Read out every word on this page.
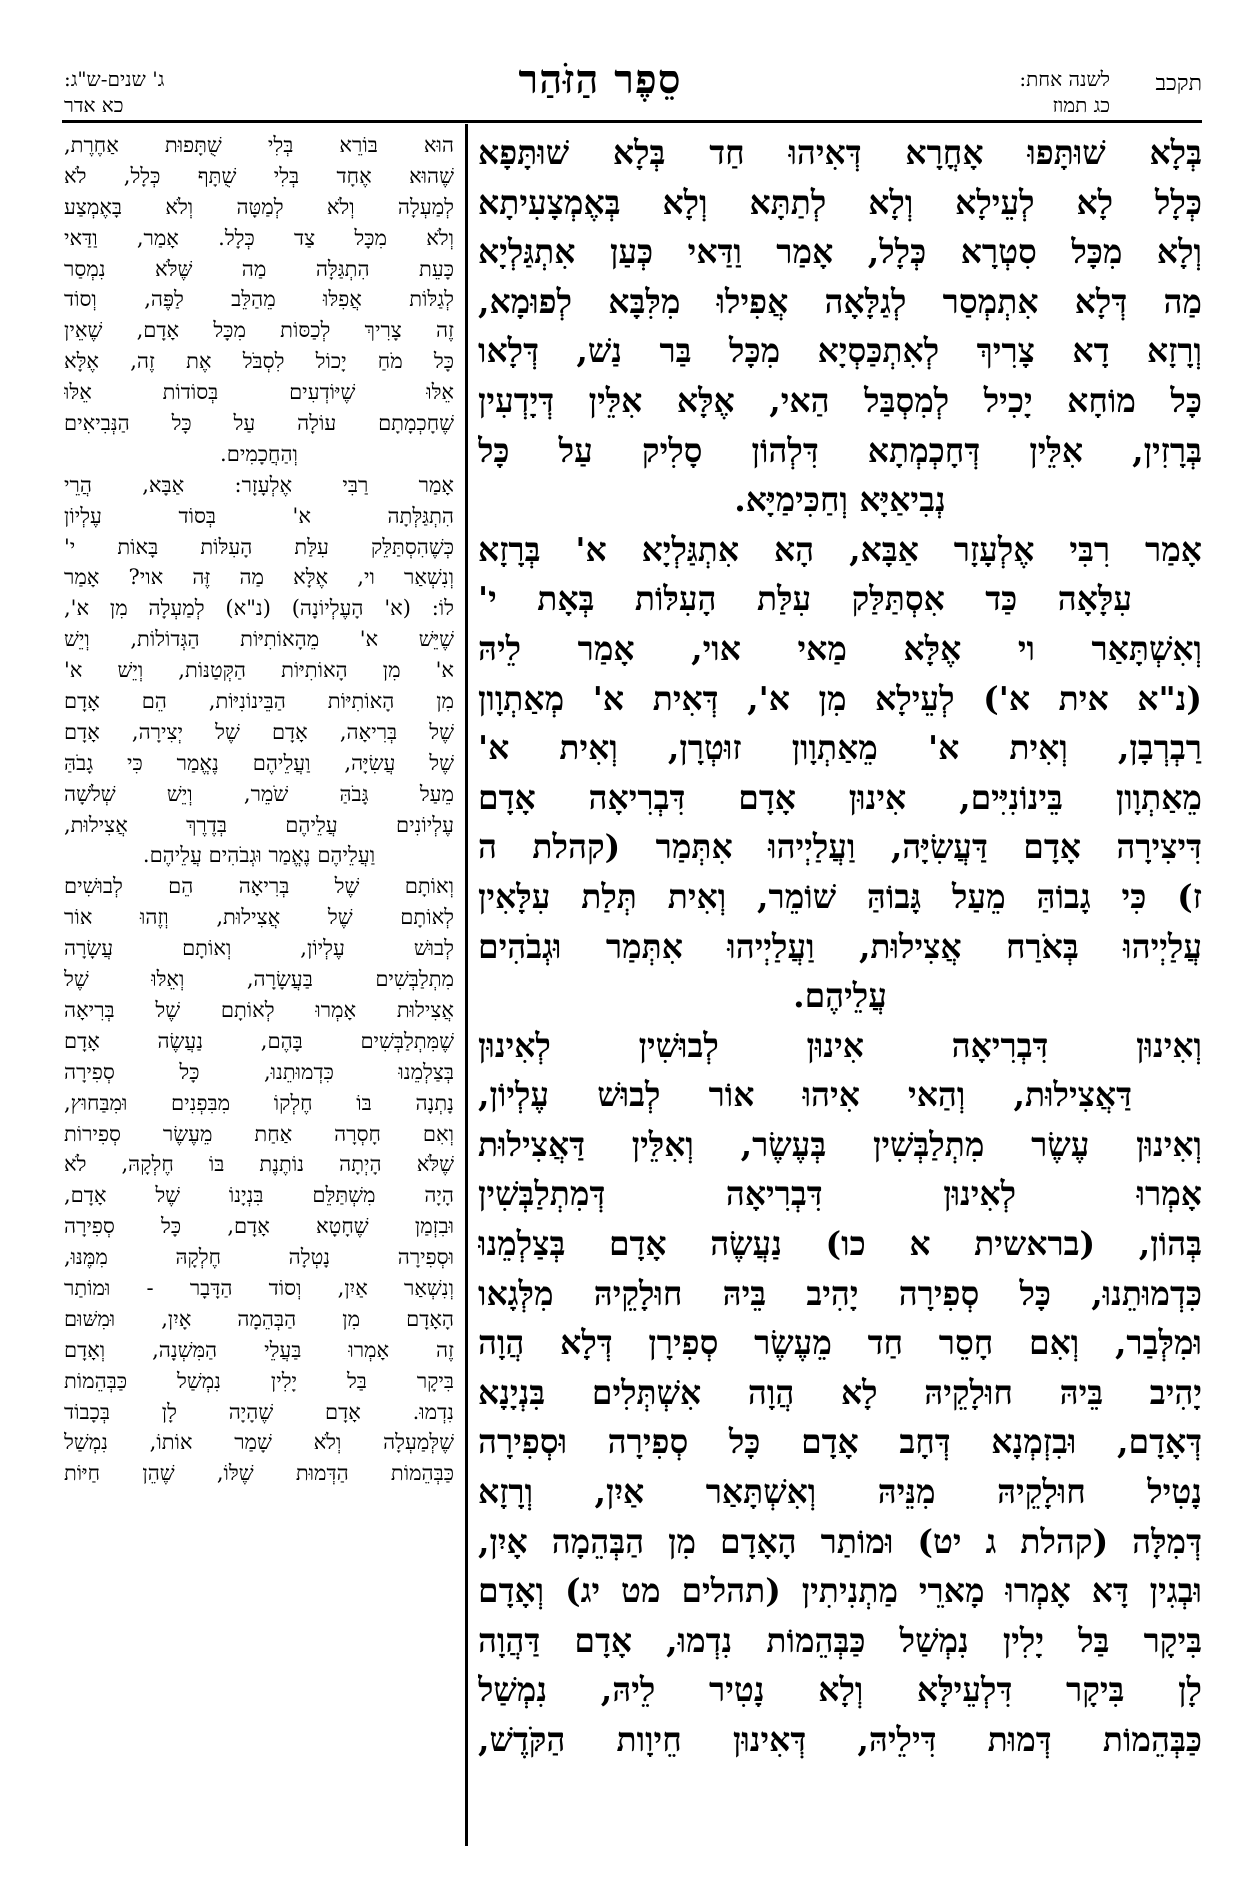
תקכב
לשנה אחת:
כג תמוז
סֵפֶר הַזֹּהַר
ג' שנים-ש"ג:
כא אדר
בְּלָא שׁוּתָּפוּ אָחֳרָא דְּאִיהוּ חַד בְּלָא שׁוּתָּפָא
כְּלָל לָא לְעֵילָא וְלָא לְתַתָּא וְלָא בְּאֶמְצָעִיתָא
וְלָא מִכָּל סִטְרָא כְּלָל, אָמַר וַדַּאי כְּעַן אִתְגַּלְיָא
מַה דְּלָא אִתְמְסַר לְגַלָּאָה אֲפִילוּ מִלִּבָּא לְפוּמָא,
וְרָזָא דָא צָרִיךְ לְאִתְכַּסְיָא מִכָּל בַּר נַשׁ, דְּלָאו
כָּל מוֹחָא יָכִיל לְמִסְבַּל הַאי, אֶלָּא אִלֵּין דְּיָדְעִין
בְּרָזִין, אִלֵּין דְּחָכְמְתָא דִּלְהוֹן סָלִיק עַל כָּל
נְבִיאַיָּא וְחַכִּימַיָּא.
אָמַר רִבִּי אֶלְעָזָר אַבָּא, הָא אִתְגַּלְיָא א' בְּרָזָא
עִלָּאָה כַּד אִסְתַּלַּק עִלַּת הָעִלּוֹת בְּאָת י'
וְאִשְׁתָּאַר וי אֶלָּא מַאי אוי, אָמַר לֵיהּ
(נ"א אית א') לְעֵילָא מִן א', דְּאִית א' מְאַתְוָון
רַבְרְבָן, וְאִית א' מֵאַתְוָון זוּטְרָן, וְאִית א'
מֵאַתְוָון בֵּינוֹנִיִּים, אִינוּן אָדָם דִּבְרִיאָה אָדָם
דִּיצִירָה אָדָם דַּעֲשִׂיָּה, וַעֲלַיְיהוּ אִתְּמַר (קהלת ה
ז) כִּי גָבוֹהַּ מֵעַל גָּבוֹהַּ שׁוֹמֵר, וְאִית תְּלַת עִלָּאִין
עֲלַיְיהוּ בְּאֹרַח אֲצִילוּת, וַעֲלַיְיהוּ אִתְּמַר וּגְבֹהִים
עֲלֵיהֶם.
וְאִינוּן דִּבְרִיאָה אִינוּן לְבוּשִׁין לְאִינוּן
דַּאֲצִילוּת, וְהַאי אִיהוּ אוֹר לְבוּשׁ עֶלְיוֹן,
וְאִינוּן עֶשֶׂר מִתְלַבְּשִׁין בְּעֶשֶׂר, וְאִלֵּין דַּאֲצִילוּת
אָמְרוּ לְאִינוּן דִּבְרִיאָה דְּמִתְלַבְּשִׁין
בְּהוֹן, (בראשית א כו) נַעֲשֶׂה אָדָם בְּצַלְמֵנוּ
כִּדְמוּתֵנוּ, כָּל סְפִירָה יָהִיב בֵּיהּ חוּלָקֵיהּ מִלְּגָאו
וּמִלְּבַר, וְאִם חָסֵר חַד מֵעֶשֶׂר סְפִירָן דְּלָא הֲוָה
יָהִיב בֵּיהּ חוּלָקֵיהּ לָא הֲוָה אִשְׁתְּלִים בִּנְיָנָא
דְּאָדָם, וּבִזְמְנָא דְּחָב אָדָם כָּל סְפִירָה וּסְפִירָה
נָטִיל חוּלָקֵיהּ מִנֵּיהּ וְאִשְׁתָּאַר אַיִן, וְרָזָא
דְּמִלָּה (קהלת ג יט) וּמוֹתַר הָאָדָם מִן הַבְּהֵמָה אָיִן,
וּבְגִין דָּא אָמְרוּ מָארֵי מַתְנִיתִין (תהלים מט יג) וְאָדָם
בִּיקָר בַּל יָלִין נִמְשַׁל כַּבְּהֵמוֹת נִדְמוּ, אָדָם דַּהֲוָה
לָן בִּיקָר דִּלְעֵילָּא וְלָא נָטִיר לֵיהּ, נִמְשַׁל
כַּבְּהֵמוֹת דְּמוּת דִּילֵיהּ, דְּאִינוּן חֵיוָות הַקֹּדֶשׁ,
הוּא בּוֹרֵא בְּלִי שֻׁתָּפוּת אַחֶרֶת,
שֶׁהוּא אֶחָד בְּלִי שֻׁתָּף כְּלָל, לֹא
לְמַעְלָה וְלֹא לְמַטָּה וְלֹא בָּאֶמְצַע
וְלֹא מִכָּל צַד כְּלָל. אָמַר, וַדַּאי
כָּעֵת הִתְגַּלָּה מַה שֶּׁלֹּא נִמְסַר
לְגַלּוֹת אֲפִלּוּ מֵהַלֵּב לַפֶּה, וְסוֹד
זֶה צָרִיךְ לְכַסּוֹת מִכָּל אָדָם, שֶׁאֵין
כָּל מֹחַ יָכוֹל לִסְבֹּל אֶת זֶה, אֶלָּא
אֵלּוּ שֶׁיּוֹדְעִים בְּסוֹדוֹת אֵלּוּ
שֶׁחָכְמָתָם עוֹלָה עַל כָּל הַנְּבִיאִים
וְהַחֲכָמִים.
אָמַר רַבִּי אֶלְעָזָר: אַבָּא, הֲרֵי
הִתְגַּלְּתָה א' בְּסוֹד עֶלְיוֹן
כְּשֶׁהִסְתַּלֵּק עִלַּת הָעִלּוֹת בָּאוֹת י'
וְנִשְׁאַר וי, אֶלָּא מַה זֶּה אוי? אָמַר
לוֹ: (א' הָעֶלְיוֹנָה) (נ"א) לְמַעְלָה מִן א',
שֶׁיֵּשׁ א' מֵהָאוֹתִיּוֹת הַגְּדוֹלוֹת, וְיֵשׁ
א' מִן הָאוֹתִיּוֹת הַקְּטַנּוֹת, וְיֵשׁ א'
מִן הָאוֹתִיּוֹת הַבֵּינוֹנִיּוֹת, הֵם אָדָם
שֶׁל בְּרִיאָה, אָדָם שֶׁל יְצִירָה, אָדָם
שֶׁל עֲשִׂיָּה, וַעֲלֵיהֶם נֶאֱמַר כִּי גָבֹהַּ
מֵעַל גָּבֹהַּ שֹׁמֵר, וְיֵשׁ שְׁלֹשָׁה
עֶלְיוֹנִים עֲלֵיהֶם בְּדֶרֶךְ אֲצִילוּת,
וַעֲלֵיהֶם נֶאֱמַר וּגְבֹהִים עֲלֵיהֶם.
וְאוֹתָם שֶׁל בְּרִיאָה הֵם לְבוּשִׁים
לְאוֹתָם שֶׁל אֲצִילוּת, וְזֶהוּ אוֹר
לְבוּשׁ עֶלְיוֹן, וְאוֹתָם עֲשָׂרָה
מִתְלַבְּשִׁים בַּעֲשָׂרָה, וְאֵלּוּ שֶׁל
אֲצִילוּת אָמְרוּ לְאוֹתָם שֶׁל בְּרִיאָה
שֶׁמִּתְלַבְּשִׁים בָּהֶם, נַעֲשֶׂה אָדָם
בְּצַלְמֵנוּ כִּדְמוּתֵנוּ, כָּל סְפִירָה
נָתְנָה בּוֹ חֶלְקוֹ מִבִּפְנִים וּמִבַּחוּץ,
וְאִם חָסְרָה אַחַת מֵעֶשֶׂר סְפִירוֹת
שֶׁלֹּא הָיְתָה נוֹתֶנֶת בּוֹ חֶלְקָהּ, לֹא
הָיָה מִשְׁתַּלֵּם בִּנְיָנוֹ שֶׁל אָדָם,
וּבִזְמַן שֶׁחָטָא אָדָם, כָּל סְפִירָה
וּסְפִירָה נָטְלָה חֶלְקָהּ מִמֶּנּוּ,
וְנִשְׁאַר אַיִן, וְסוֹד הַדָּבָר - וּמוֹתַר
הָאָדָם מִן הַבְּהֵמָה אָיִן, וּמִשּׁוּם
זֶה אָמְרוּ בַּעֲלֵי הַמִּשְׁנָה, וְאָדָם
בִּיקָר בַּל יָלִין נִמְשַׁל כַּבְּהֵמוֹת
נִדְמוּ. אָדָם שֶׁהָיָה לָן בְּכָבוֹד
שֶׁלְּמַעְלָה וְלֹא שָׁמַר אוֹתוֹ, נִמְשַׁל
כַּבְּהֵמוֹת הַדְּמוּת שֶׁלּוֹ, שֶׁהֵן חַיּוֹת
